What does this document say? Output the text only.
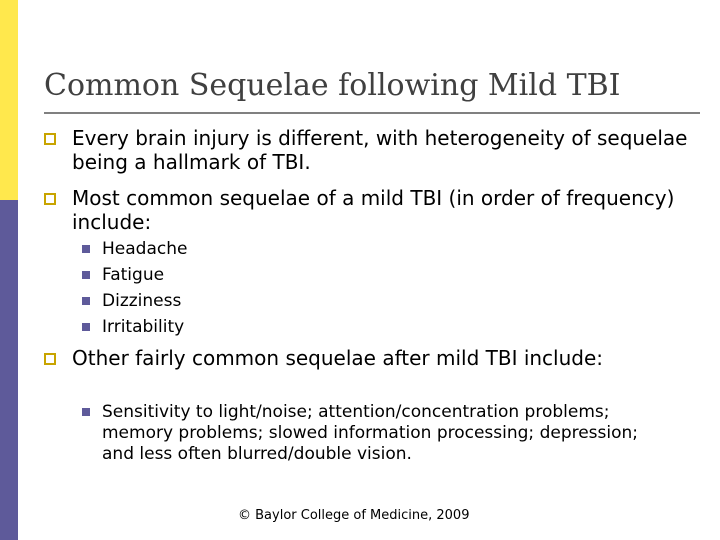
Common Sequelae following Mild TBI
Every brain injury is different, with heterogeneity of sequelae being a hallmark of TBI.
Most common sequelae of a mild TBI (in order of frequency) include:
Headache
Fatigue
Dizziness
Irritability
Other fairly common sequelae after mild TBI include:
Sensitivity to light/noise; attention/concentration problems; memory problems; slowed information processing; depression; and less often blurred/double vision.
© Baylor College of Medicine, 2009
